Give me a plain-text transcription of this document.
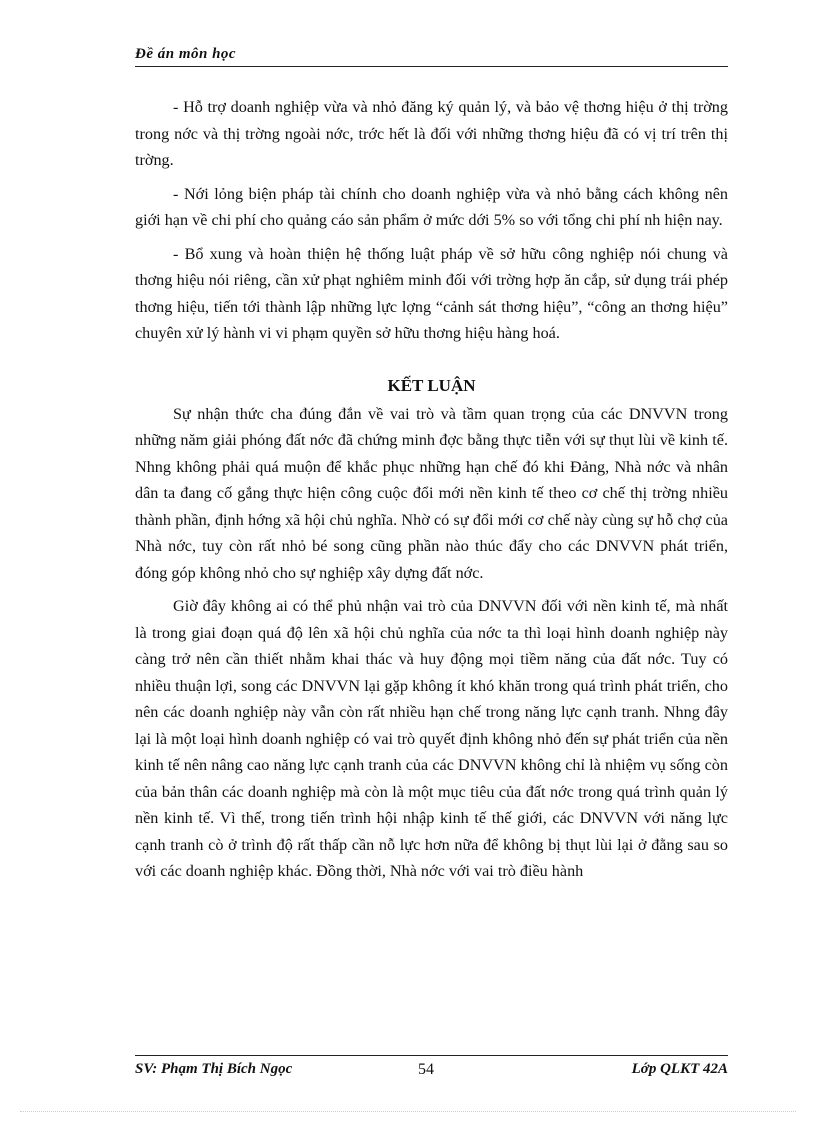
Đề án môn học

- Hỗ trợ doanh nghiệp vừa và nhỏ đăng ký quản lý, và bảo vệ thơng hiệu ở thị trờng trong nớc và thị trờng ngoài nớc, trớc hết là đối với những thơng hiệu đã có vị trí trên thị trờng.

- Nới lỏng biện pháp tài chính cho doanh nghiệp vừa và nhỏ bằng cách không nên giới hạn về chi phí cho quảng cáo sản phẩm ở mức dới 5% so với tổng chi phí nh hiện nay.

- Bổ xung và hoàn thiện hệ thống luật pháp về sở hữu công nghiệp nói chung và thơng hiệu nói riêng, cần xử phạt nghiêm minh đối với trờng hợp ăn cắp, sử dụng trái phép thơng hiệu, tiến tới thành lập những lực lợng “cảnh sát thơng hiệu”, “công an thơng hiệu” chuyên xử lý hành vi vi phạm quyền sở hữu thơng hiệu hàng hoá.

KẾT LUẬN

Sự nhận thức cha đúng đắn về vai trò và tầm quan trọng của các DNVVN trong những năm giải phóng đất nớc đã chứng minh đợc bằng thực tiễn với sự thụt lùi về kinh tế. Nhng không phải quá muộn để khắc phục những hạn chế đó khi Đảng, Nhà nớc và nhân dân ta đang cố gắng thực hiện công cuộc đổi mới nền kinh tế theo cơ chế thị trờng nhiều thành phần, định hớng xã hội chủ nghĩa. Nhờ có sự đổi mới cơ chế này cùng sự hỗ chợ của Nhà nớc, tuy còn rất nhỏ bé song cũng phần nào thúc đẩy cho các DNVVN phát triển, đóng góp không nhỏ cho sự nghiệp xây dựng đất nớc.

Giờ đây không ai có thể phủ nhận vai trò của DNVVN đối với nền kinh tế, mà nhất là trong giai đoạn quá độ lên xã hội chủ nghĩa của nớc ta thì loại hình doanh nghiệp này càng trở nên cần thiết nhằm khai thác và huy động mọi tiềm năng của đất nớc. Tuy có nhiều thuận lợi, song các DNVVN lại gặp không ít khó khăn trong quá trình phát triển, cho nên các doanh nghiệp này vẫn còn rất nhiều hạn chế trong năng lực cạnh tranh. Nhng đây lại là một loại hình doanh nghiệp có vai trò quyết định không nhỏ đến sự phát triển của nền kinh tế nên nâng cao năng lực cạnh tranh của các DNVVN không chỉ là nhiệm vụ sống còn của bản thân các doanh nghiệp mà còn là một mục tiêu của đất nớc trong quá trình quản lý nền kinh tế. Vì thế, trong tiến trình hội nhập kinh tế thế giới, các DNVVN với năng lực cạnh tranh cò ở trình độ rất thấp cần nỗ lực hơn nữa để không bị thụt lùi lại ở đằng sau so với các doanh nghiệp khác. Đồng thời, Nhà nớc với vai trò điều hành

SV: Phạm Thị Bích Ngọc	54	Lớp QLKT 42A
